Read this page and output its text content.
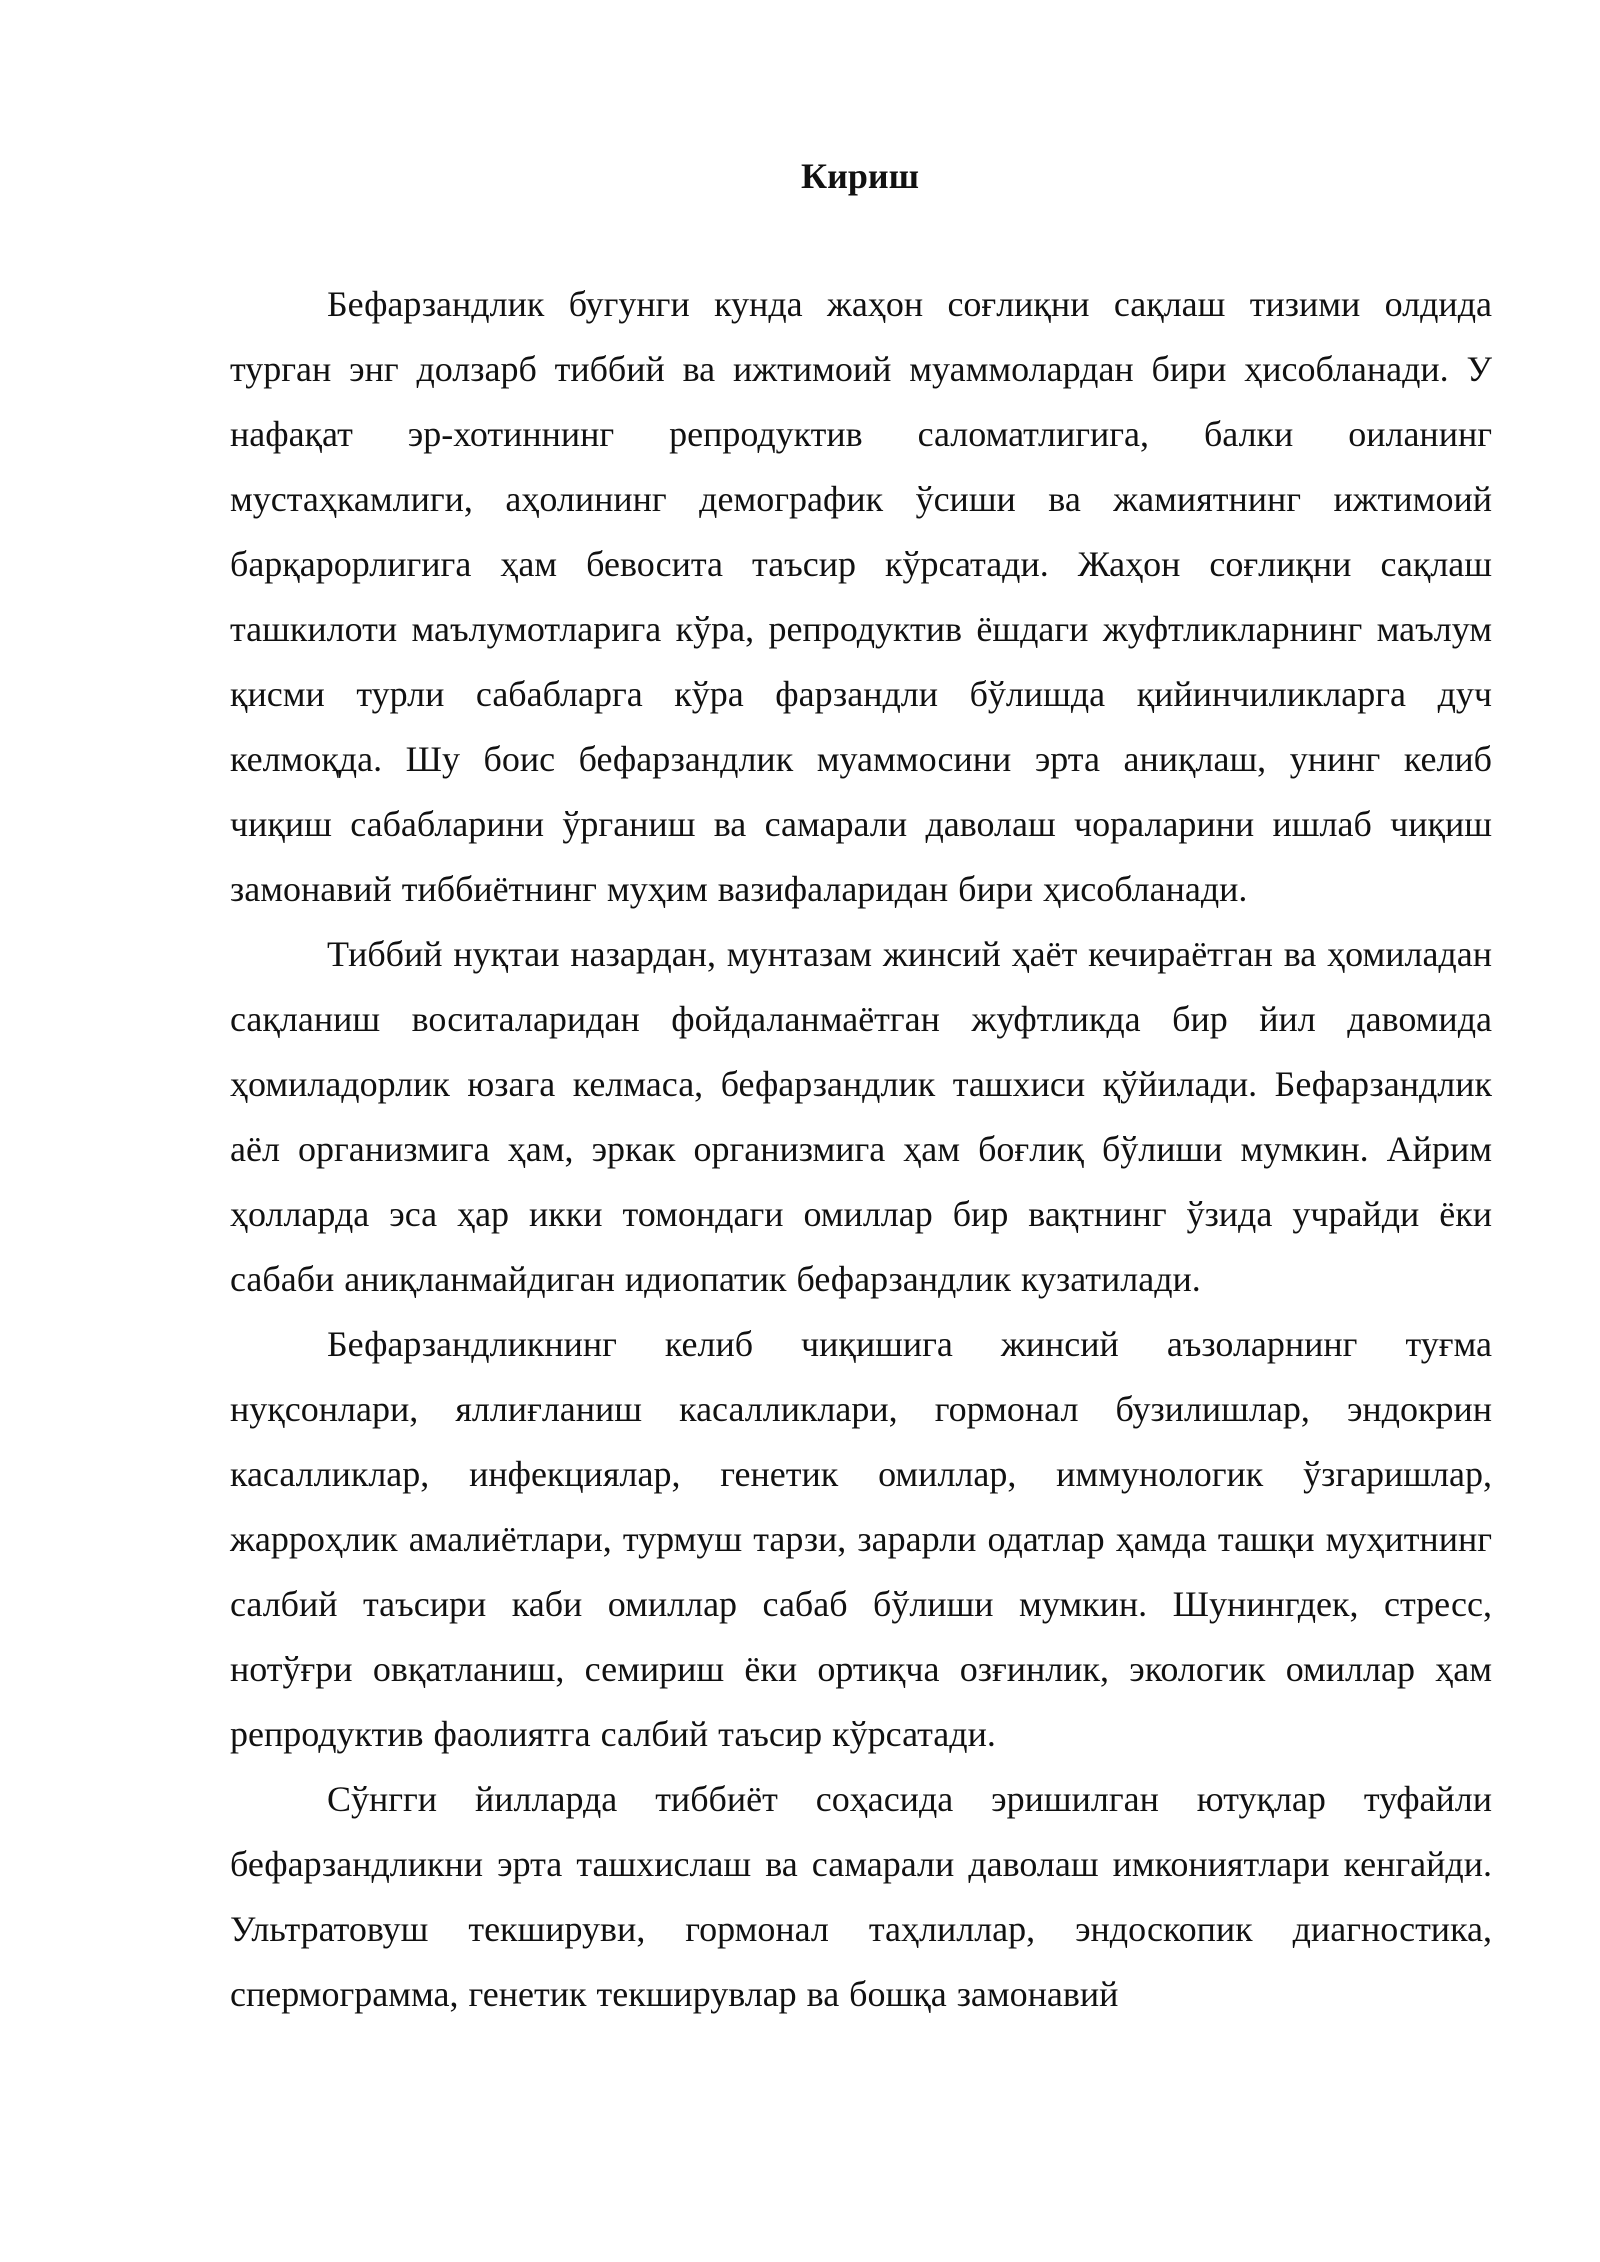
Кириш

Бефарзандлик бугунги кунда жаҳон соғлиқни сақлаш тизими олдида турган энг долзарб тиббий ва ижтимоий муаммолардан бири ҳисобланади. У нафақат эр-хотиннинг репродуктив саломатлигига, балки оиланинг мустаҳкамлиги, аҳолининг демографик ўсиши ва жамиятнинг ижтимоий барқарорлигига ҳам бевосита таъсир кўрсатади. Жаҳон соғлиқни сақлаш ташкилоти маълумотларига кўра, репродуктив ёшдаги жуфтликларнинг маълум қисми турли сабабларга кўра фарзандли бўлишда қийинчиликларга дуч келмоқда. Шу боис бефарзандлик муаммосини эрта аниқлаш, унинг келиб чиқиш сабабларини ўрганиш ва самарали даволаш чораларини ишлаб чиқиш замонавий тиббиётнинг муҳим вазифаларидан бири ҳисобланади.

Тиббий нуқтаи назардан, мунтазам жинсий ҳаёт кечираётган ва ҳомиладан сақланиш воситаларидан фойдаланмаётган жуфтликда бир йил давомида ҳомиладорлик юзага келмаса, бефарзандлик ташхиси қўйилади. Бефарзандлик аёл организмига ҳам, эркак организмига ҳам боғлиқ бўлиши мумкин. Айрим ҳолларда эса ҳар икки томондаги омиллар бир вақтнинг ўзида учрайди ёки сабаби аниқланмайдиган идиопатик бефарзандлик кузатилади.

Бефарзандликнинг келиб чиқишига жинсий аъзоларнинг туғма нуқсонлари, яллиғланиш касалликлари, гормонал бузилишлар, эндокрин касалликлар, инфекциялар, генетик омиллар, иммунологик ўзгаришлар, жарроҳлик амалиётлари, турмуш тарзи, зарарли одатлар ҳамда ташқи муҳитнинг салбий таъсири каби омиллар сабаб бўлиши мумкин. Шунингдек, стресс, нотўғри овқатланиш, семириш ёки ортиқча озғинлик, экологик омиллар ҳам репродуктив фаолиятга салбий таъсир кўрсатади.

Сўнгги йилларда тиббиёт соҳасида эришилган ютуқлар туфайли бефарзандликни эрта ташхислаш ва самарали даволаш имкониятлари кенгайди. Ультратовуш текшируви, гормонал таҳлиллар, эндоскопик диагностика, спермограмма, генетик текширувлар ва бошқа замонавий
